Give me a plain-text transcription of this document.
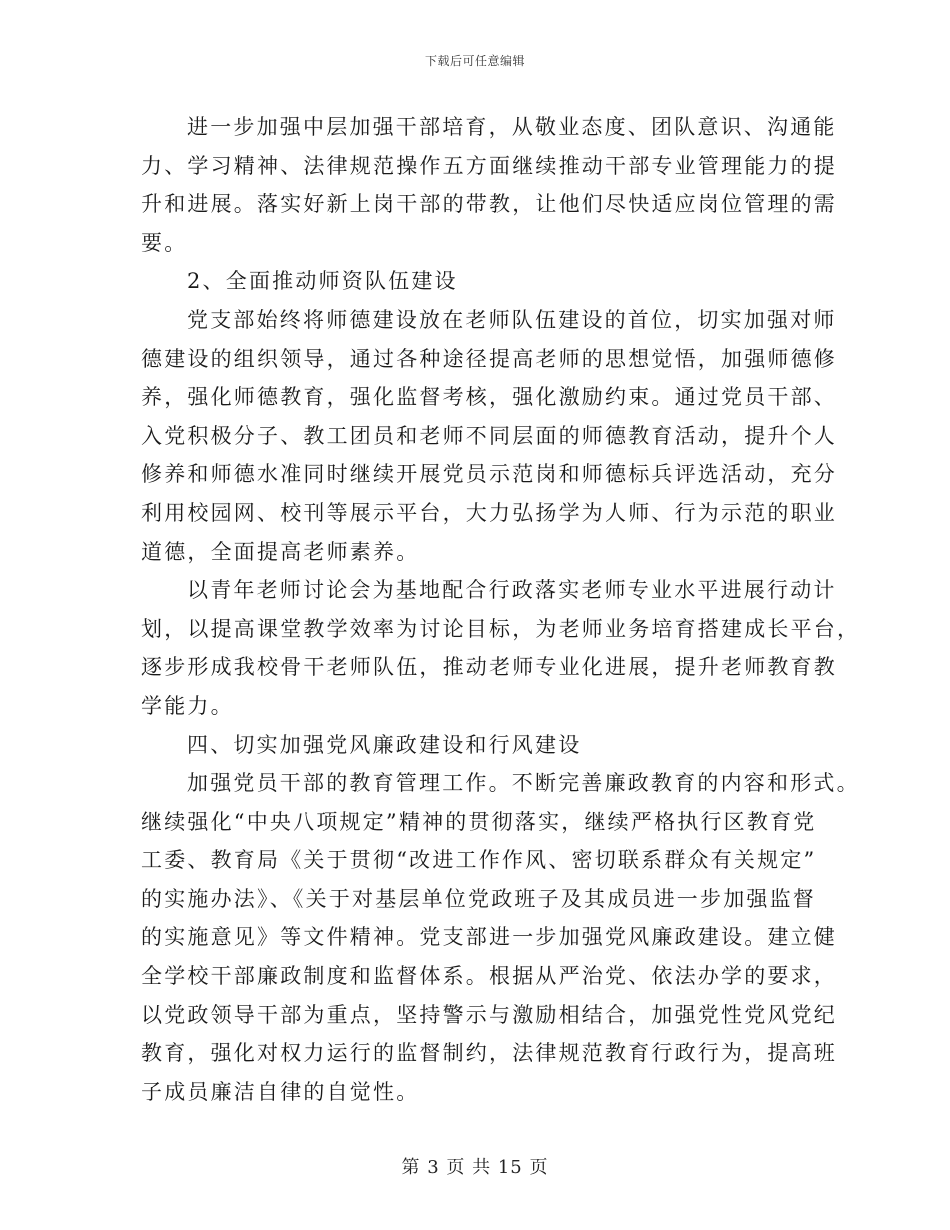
下载后可任意编辑
进一步加强中层加强干部培育，从敬业态度、团队意识、沟通能
力、学习精神、法律规范操作五方面继续推动干部专业管理能力的提
升和进展。落实好新上岗干部的带教，让他们尽快适应岗位管理的需
要。
2、全面推动师资队伍建设
党支部始终将师德建设放在老师队伍建设的首位，切实加强对师
德建设的组织领导，通过各种途径提高老师的思想觉悟，加强师德修
养，强化师德教育，强化监督考核，强化激励约束。通过党员干部、
入党积极分子、教工团员和老师不同层面的师德教育活动，提升个人
修养和师德水准同时继续开展党员示范岗和师德标兵评选活动，充分
利用校园网、校刊等展示平台，大力弘扬学为人师、行为示范的职业
道德，全面提高老师素养。
以青年老师讨论会为基地配合行政落实老师专业水平进展行动计
划，以提高课堂教学效率为讨论目标，为老师业务培育搭建成长平台，
逐步形成我校骨干老师队伍，推动老师专业化进展，提升老师教育教
学能力。
四、切实加强党风廉政建设和行风建设
加强党员干部的教育管理工作。不断完善廉政教育的内容和形式。
继续强化“中央八项规定”精神的贯彻落实，继续严格执行区教育党
工委、教育局《关于贯彻“改进工作作风、密切联系群众有关规定”
的实施办法》、《关于对基层单位党政班子及其成员进一步加强监督
的实施意见》等文件精神。党支部进一步加强党风廉政建设。建立健
全学校干部廉政制度和监督体系。根据从严治党、依法办学的要求，
以党政领导干部为重点，坚持警示与激励相结合，加强党性党风党纪
教育，强化对权力运行的监督制约，法律规范教育行政行为，提高班
子成员廉洁自律的自觉性。
第 3 页 共 15 页
